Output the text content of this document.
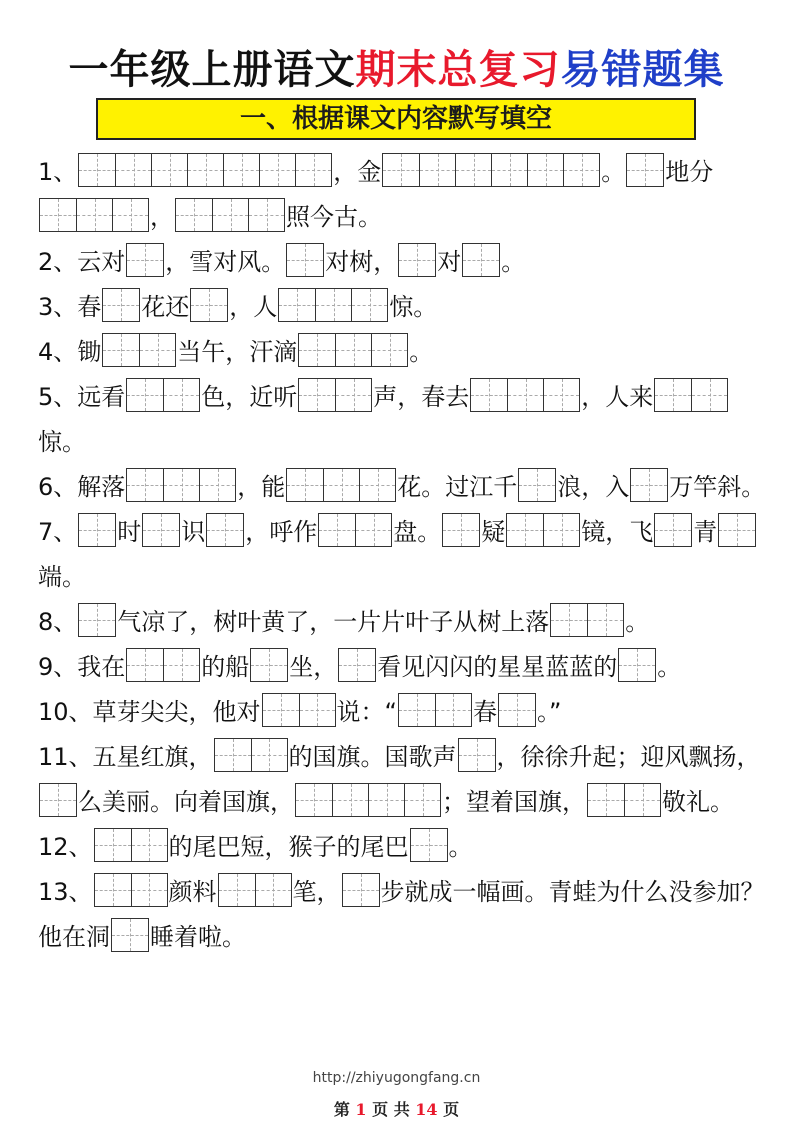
一年级上册语文期末总复习易错题集
一、根据课文内容默写填空
1、	，金	。 地分
，	照今古。
2、云对 ，雪对风。 对树， 对 。
3、春 花还 ，人	惊。
4、锄	当午，汗滴	。
5、远看	色，近听	声，春去	，人来
惊。
6、解落	，能	花。过江千 浪，入 万竿斜。
7、 时 识 ，呼作	盘。 疑	镜，飞 青
端。
8、 气凉了，树叶黄了，一片片叶子从树上落	。
9、我在	的船 坐， 看见闪闪的星星蓝蓝的 。
10、草芽尖尖，他对	说：“	春 。”
11、五星红旗，	的国旗。国歌声 ，徐徐升起；迎风飘扬，
么美丽。向着国旗，	；望着国旗，	敬礼。
12、	的尾巴短，猴子的尾巴 。
13、	颜料	笔， 步就成一幅画。青蛙为什么没参加？他在洞 睡着啦。
http://zhiyugongfang.cn
第 1 页 共 14 页
